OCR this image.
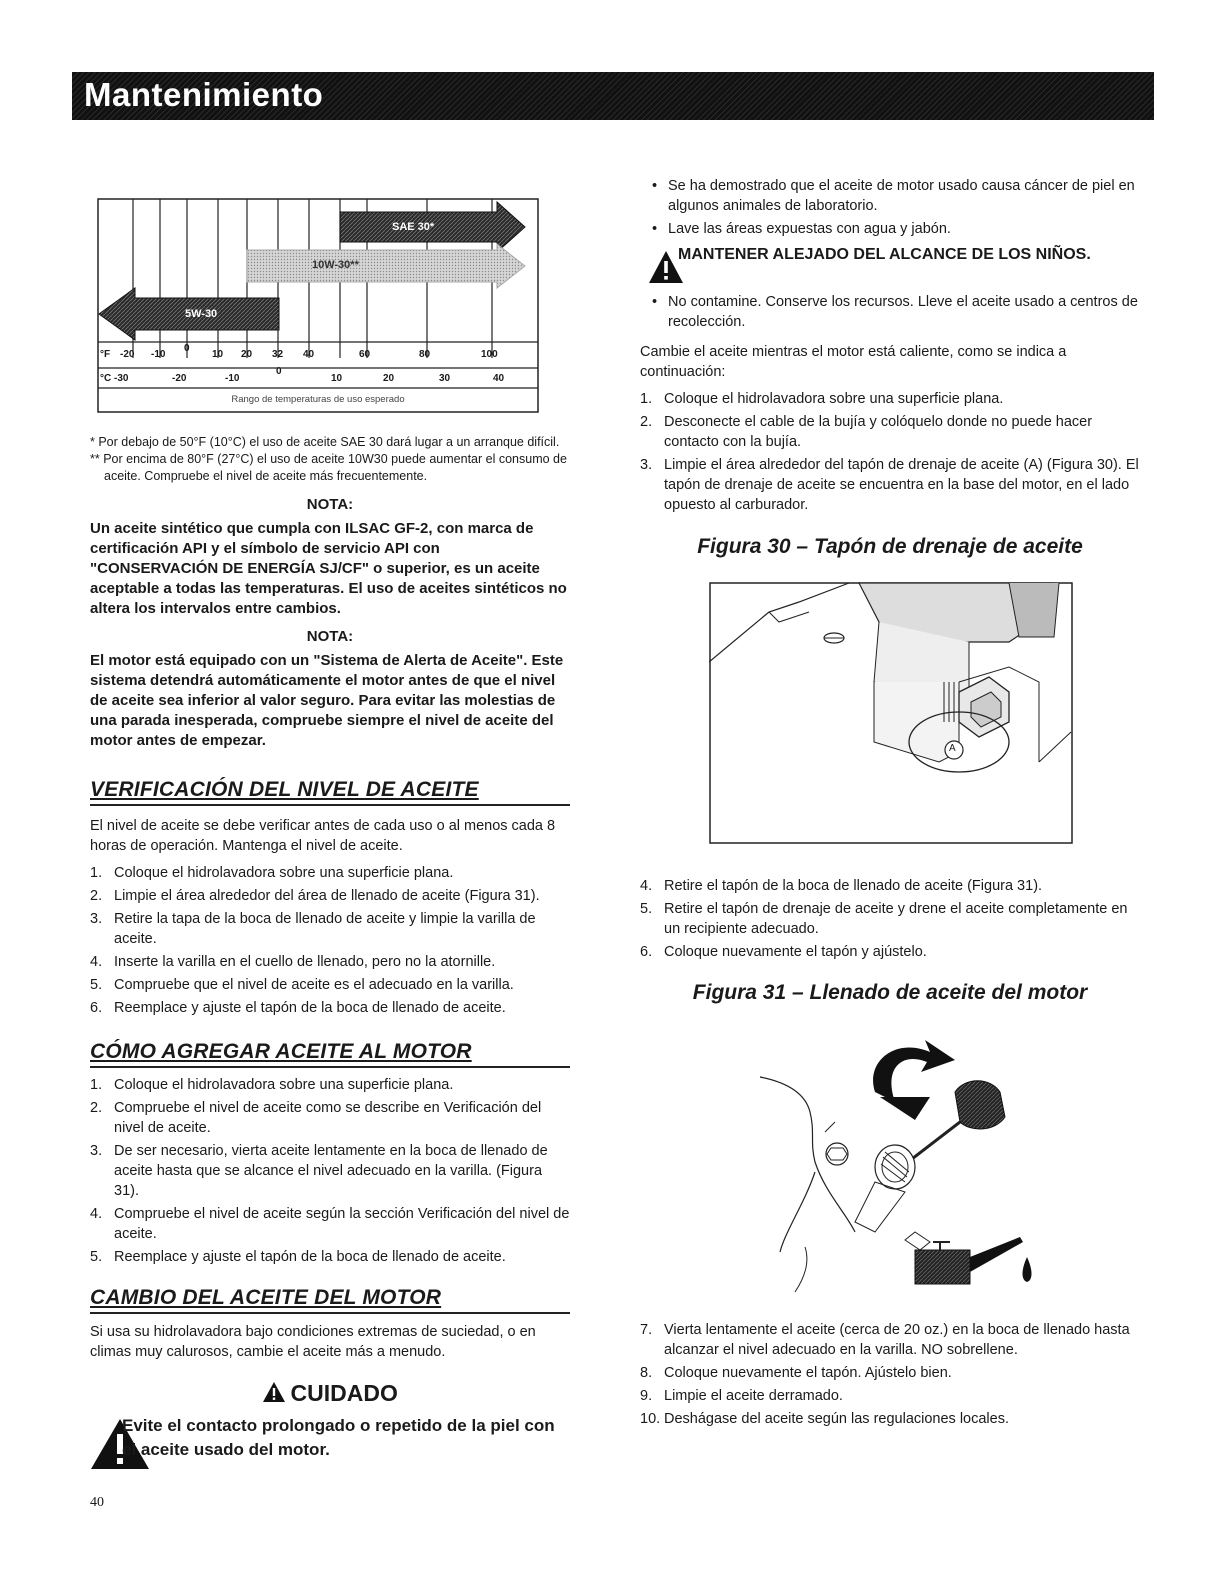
Mantenimiento
SAE 30*
10W-30**
5W-30
°F -20 -10
0
10 20 32 40	60	80	100
°C -30	-20	-10
0
10	20	30	40
Rango de temperaturas de uso esperado
* Por debajo de 50°F (10°C) el uso de aceite SAE 30 dará lugar a un arranque difícil.
** Por encima de 80°F (27°C) el uso de aceite 10W30 puede aumentar el consumo de aceite. Compruebe el nivel de aceite más frecuentemente.
NOTA:
Un aceite sintético que cumpla con ILSAC GF-2, con marca de certificación API y el símbolo de servicio API con "CONSERVACIÓN DE ENERGÍA SJ/CF" o superior, es un aceite aceptable a todas las temperaturas. El uso de aceites sintéticos no altera los intervalos entre cambios.
NOTA:
El motor está equipado con un "Sistema de Alerta de Aceite". Este sistema detendrá automáticamente el motor antes de que el nivel de aceite sea inferior al valor seguro. Para evitar las molestias de una parada inesperada, compruebe siempre el nivel de aceite del motor antes de empezar.
VERIFICACIÓN DEL NIVEL DE ACEITE
El nivel de aceite se debe verificar antes de cada uso o al menos cada 8 horas de operación. Mantenga el nivel de aceite.
1. Coloque el hidrolavadora sobre una superficie plana.
2. Limpie el área alrededor del área de llenado de aceite (Figura 31).
3. Retire la tapa de la boca de llenado de aceite y limpie la varilla de aceite.
4. Inserte la varilla en el cuello de llenado, pero no la atornille.
5. Compruebe que el nivel de aceite es el adecuado en la varilla.
6. Reemplace y ajuste el tapón de la boca de llenado de aceite.
CÓMO AGREGAR ACEITE AL MOTOR
1. Coloque el hidrolavadora sobre una superficie plana.
2. Compruebe el nivel de aceite como se describe en Verificación del nivel de aceite.
3. De ser necesario, vierta aceite lentamente en la boca de llenado de aceite hasta que se alcance el nivel adecuado en la varilla. (Figura 31).
4. Compruebe el nivel de aceite según la sección Verificación del nivel de aceite.
5. Reemplace y ajuste el tapón de la boca de llenado de aceite.
CAMBIO DEL ACEITE DEL MOTOR
Si usa su hidrolavadora bajo condiciones extremas de suciedad, o en climas muy calurosos, cambie el aceite más a menudo.
CUIDADO
Evite el contacto prolongado o repetido de la piel con el aceite usado del motor.
• Se ha demostrado que el aceite de motor usado causa cáncer de piel en algunos animales de laboratorio.
• Lave las áreas expuestas con agua y jabón.
MANTENER ALEJADO DEL ALCANCE DE LOS NIÑOS.
• No contamine. Conserve los recursos. Lleve el aceite usado a centros de recolección.
Cambie el aceite mientras el motor está caliente, como se indica a continuación:
1. Coloque el hidrolavadora sobre una superficie plana.
2. Desconecte el cable de la bujía y colóquelo donde no puede hacer contacto con la bujía.
3. Limpie el área alrededor del tapón de drenaje de aceite (A) (Figura 30). El tapón de drenaje de aceite se encuentra en la base del motor, en el lado opuesto al carburador.
Figura 30 – Tapón de drenaje de aceite
A
4. Retire el tapón de la boca de llenado de aceite (Figura 31).
5. Retire el tapón de drenaje de aceite y drene el aceite completamente en un recipiente adecuado.
6. Coloque nuevamente el tapón y ajústelo.
Figura 31 – Llenado de aceite del motor
7. Vierta lentamente el aceite (cerca de 20 oz.) en la boca de llenado hasta alcanzar el nivel adecuado en la varilla. NO sobrellene.
8. Coloque nuevamente el tapón. Ajústelo bien.
9. Limpie el aceite derramado.
10. Deshágase del aceite según las regulaciones locales.
40
